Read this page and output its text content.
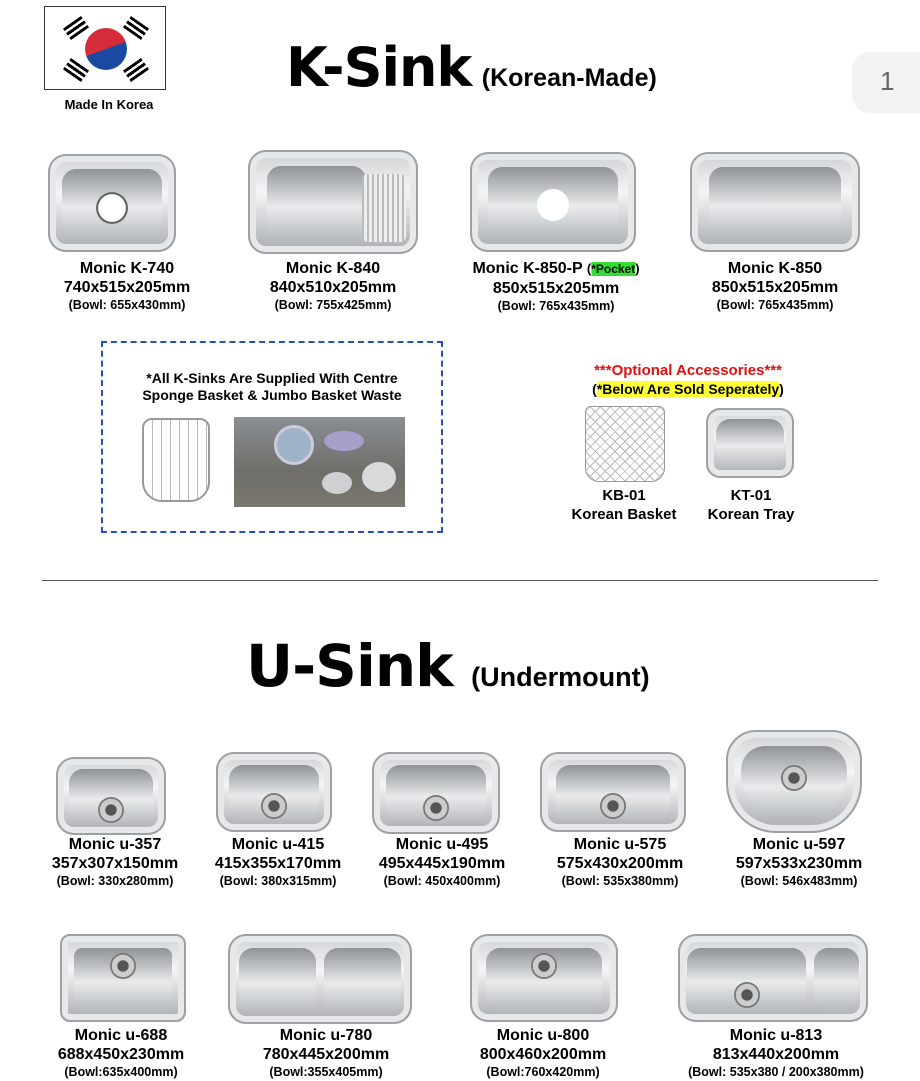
Made In Korea
K-Sink (Korean-Made)	1
Monic K-740
740x515x205mm
(Bowl: 655x430mm)
Monic K-840
840x510x205mm
(Bowl: 755x425mm)
Monic K-850-P (*Pocket)
850x515x205mm
(Bowl: 765x435mm)
Monic K-850
850x515x205mm
(Bowl: 765x435mm)
*All K-Sinks Are Supplied With Centre
Sponge Basket & Jumbo Basket Waste
***Optional Accessories***
(*Below Are Sold Seperately)
KB-01
Korean Basket
KT-01
Korean Tray
U-Sink (Undermount)
Monic u-357
357x307x150mm
(Bowl: 330x280mm)
Monic u-415
415x355x170mm
(Bowl: 380x315mm)
Monic u-495
495x445x190mm
(Bowl: 450x400mm)
Monic u-575
575x430x200mm
(Bowl: 535x380mm)
Monic u-597
597x533x230mm
(Bowl: 546x483mm)
Monic u-688
688x450x230mm
(Bowl:635x400mm)
Monic u-780
780x445x200mm
(Bowl:355x405mm)
Monic u-800
800x460x200mm
(Bowl:760x420mm)
Monic u-813
813x440x200mm
(Bowl: 535x380 / 200x380mm)
